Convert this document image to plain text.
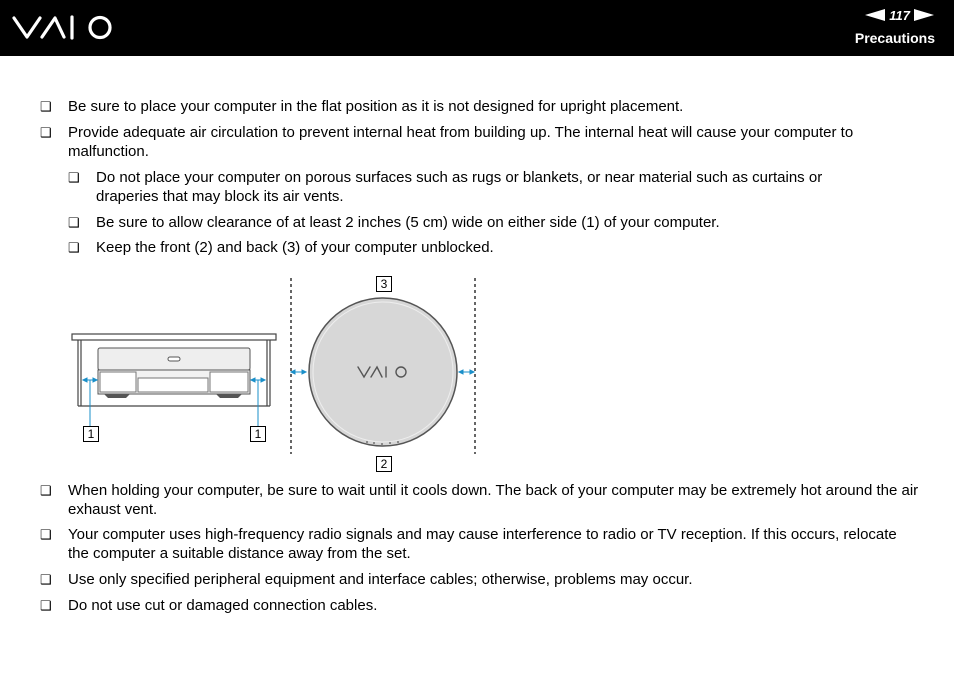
117
Precautions
❑ Be sure to place your computer in the flat position as it is not designed for upright placement.
❑ Provide adequate air circulation to prevent internal heat from building up. The internal heat will cause your computer to malfunction.
❑ Do not place your computer on porous surfaces such as rugs or blankets, or near material such as curtains or draperies that may block its air vents.
❑ Be sure to allow clearance of at least 2 inches (5 cm) wide on either side (1) of your computer.
❑ Keep the front (2) and back (3) of your computer unblocked.
3
1	1
2
❑ When holding your computer, be sure to wait until it cools down. The back of your computer may be extremely hot around the air exhaust vent.
❑ Your computer uses high-frequency radio signals and may cause interference to radio or TV reception. If this occurs, relocate the computer a suitable distance away from the set.
❑ Use only specified peripheral equipment and interface cables; otherwise, problems may occur.
❑ Do not use cut or damaged connection cables.
